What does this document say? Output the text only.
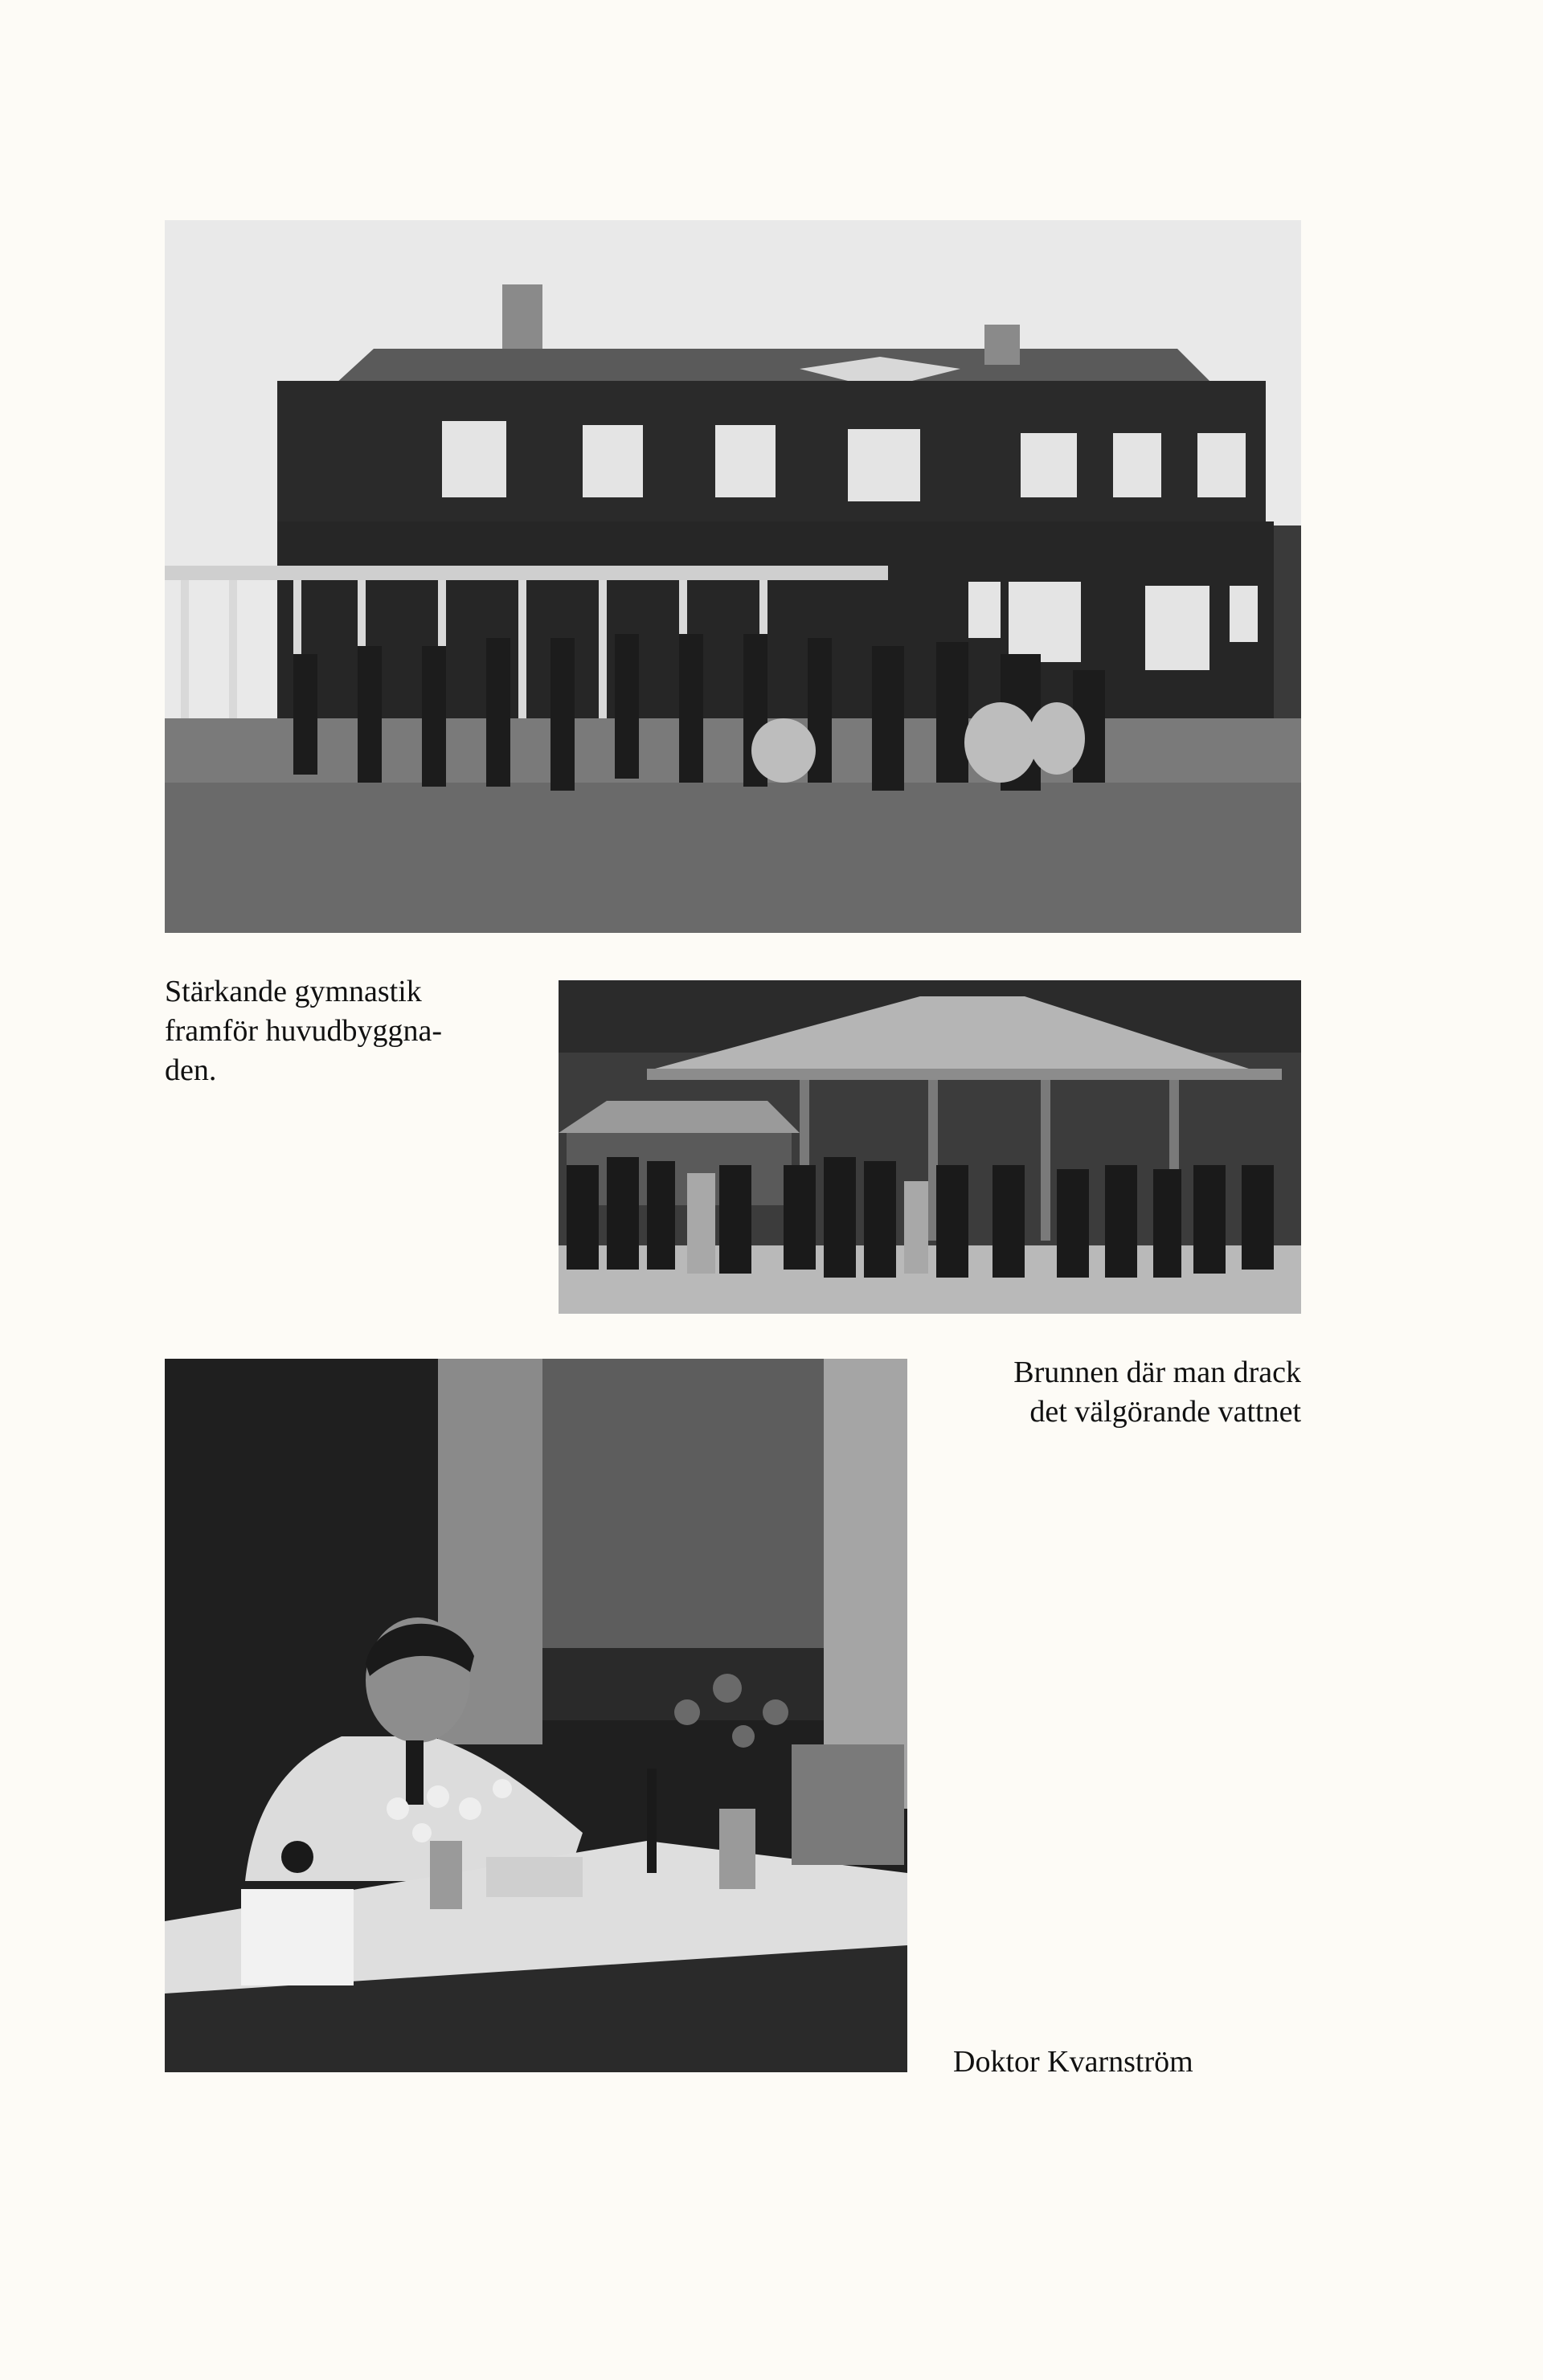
Stärkande gymnastik
framför huvudbyggna-
den.

Brunnen där man drack
det välgörande vattnet

Doktor Kvarnström
